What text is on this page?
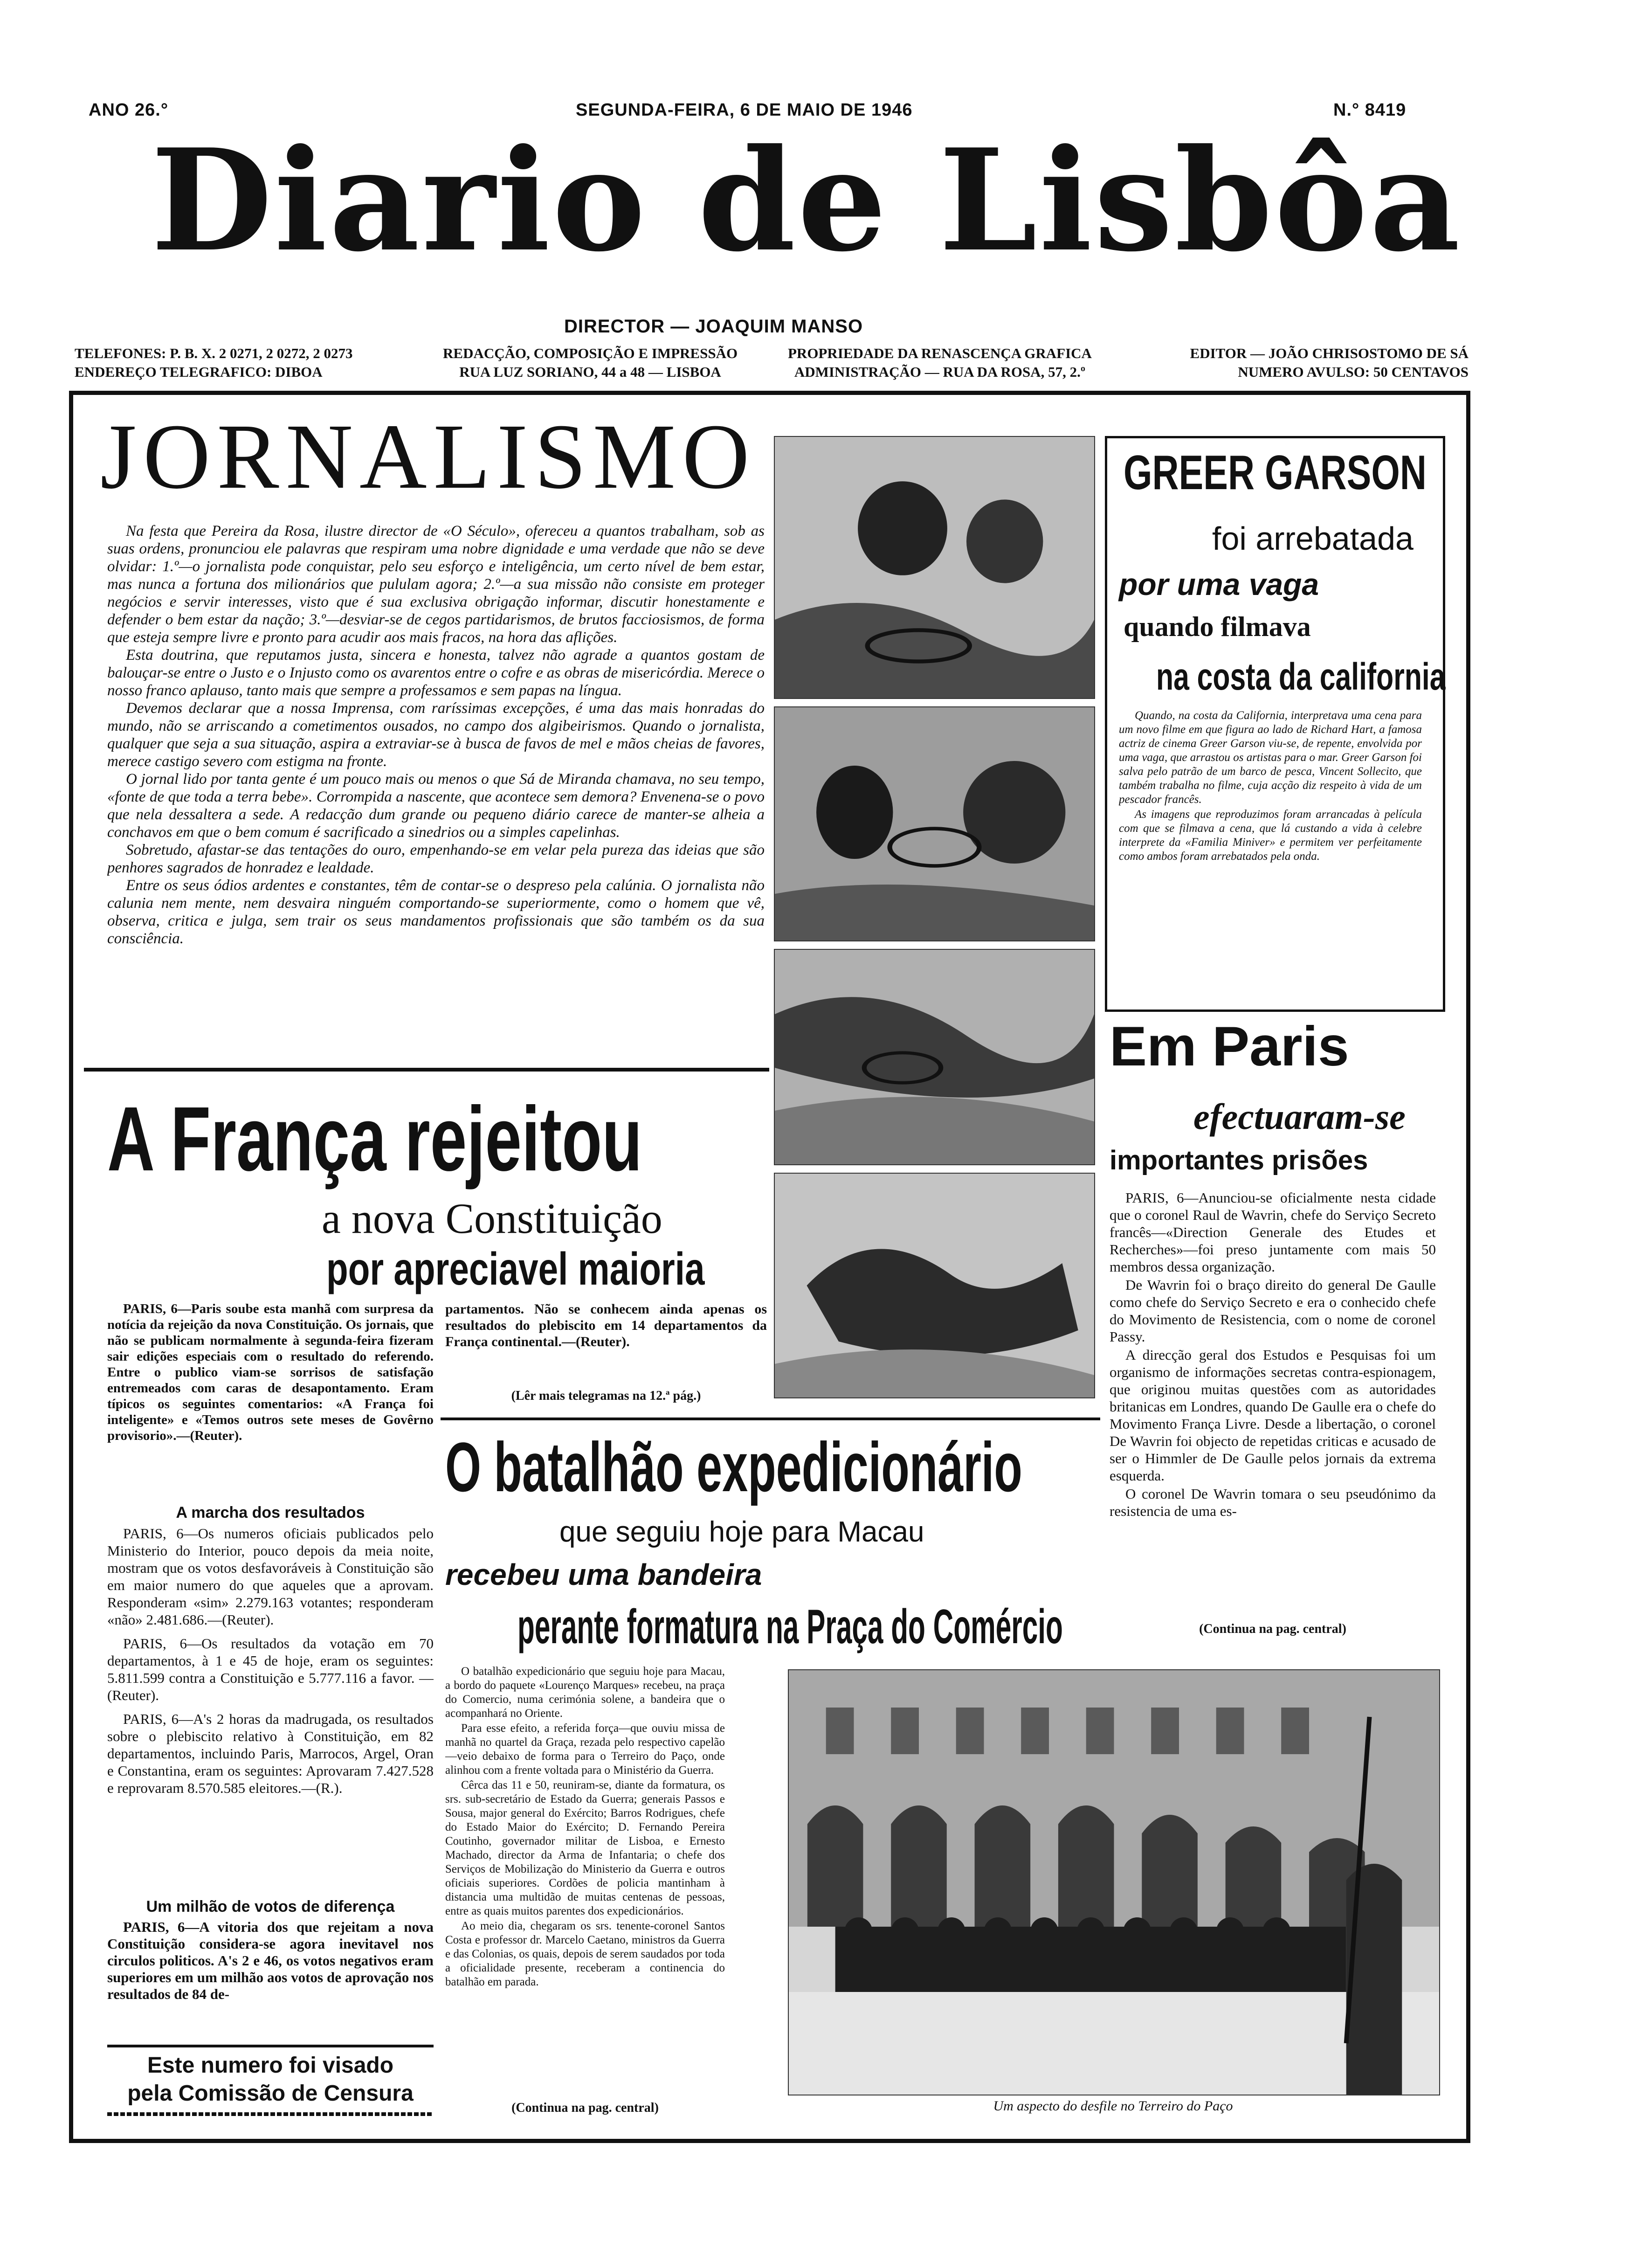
ANO 26.°	SEGUNDA-FEIRA, 6 DE MAIO DE 1946	N.° 8419
Diario de Lisbôa
DIRECTOR — JOAQUIM MANSO
TELEFONES: P. B. X. 2 0271, 2 0272, 2 0273
ENDEREÇO TELEGRAFICO: DIBOA
REDACÇÃO, COMPOSIÇÃO E IMPRESSÃO
RUA LUZ SORIANO, 44 a 48 — LISBOA
PROPRIEDADE DA RENASCENÇA GRAFICA
ADMINISTRAÇÃO — RUA DA ROSA, 57, 2.º
EDITOR — JOÃO CHRISOSTOMO DE SÁ
NUMERO AVULSO: 50 CENTAVOS
JORNALISMO

Na festa que Pereira da Rosa, ilustre director de «O Século», ofereceu a quantos trabalham, sob as suas ordens, pronunciou ele palavras que respiram uma nobre dignidade e uma verdade que não se deve olvidar: 1.º—o jornalista pode conquistar, pelo seu esforço e inteligência, um certo nível de bem estar, mas nunca a fortuna dos milionários que pululam agora; 2.º—a sua missão não consiste em proteger negócios e servir interesses, visto que é sua exclusiva obrigação informar, discutir honestamente e defender o bem estar da nação; 3.º—desviar-se de cegos partidarismos, de brutos facciosismos, de forma que esteja sempre livre e pronto para acudir aos mais fracos, na hora das aflições.

Esta doutrina, que reputamos justa, sincera e honesta, talvez não agrade a quantos gostam de balouçar-se entre o Justo e o Injusto como os avarentos entre o cofre e as obras de misericórdia. Merece o nosso franco aplauso, tanto mais que sempre a professamos e sem papas na língua.

Devemos declarar que a nossa Imprensa, com raríssimas excepções, é uma das mais honradas do mundo, não se arriscando a cometimentos ousados, no campo dos algibeirismos. Quando o jornalista, qualquer que seja a sua situação, aspira a extraviar-se à busca de favos de mel e mãos cheias de favores, merece castigo severo com estigma na fronte.

O jornal lido por tanta gente é um pouco mais ou menos o que Sá de Miranda chamava, no seu tempo, «fonte de que toda a terra bebe». Corrompida a nascente, que acontece sem demora? Envenena-se o povo que nela dessaltera a sede. A redacção dum grande ou pequeno diário carece de manter-se alheia a conchavos em que o bem comum é sacrificado a sinedrios ou a simples capelinhas.

Sobretudo, afastar-se das tentações do ouro, empenhando-se em velar pela pureza das ideias que são penhores sagrados de honradez e lealdade.

Entre os seus ódios ardentes e constantes, têm de contar-se o despreso pela calúnia. O jornalista não calunia nem mente, nem desvaira ninguém comportando-se superiormente, como o homem que vê, observa, critica e julga, sem trair os seus mandamentos profissionais que são também os da sua consciência.

GREER GARSON
foi arrebatada
por uma vaga
quando filmava
na costa da california

Quando, na costa da California, interpretava uma cena para um novo filme em que figura ao lado de Richard Hart, a famosa actriz de cinema Greer Garson viu-se, de repente, envolvida por uma vaga, que arrastou os artistas para o mar. Greer Garson foi salva pelo patrão de um barco de pesca, Vincent Sollecito, que também trabalha no filme, cuja acção diz respeito à vida de um pescador francês.

As imagens que reproduzimos foram arrancadas à película com que se filmava a cena, que lá custando a vida à celebre interprete da «Familia Miniver» e permitem ver perfeitamente como ambos foram arrebatados pela onda.

Em Paris
efectuaram-se
importantes prisões

PARIS, 6—Anunciou-se oficialmente nesta cidade que o coronel Raul de Wavrin, chefe do Serviço Secreto francês—«Direction Generale des Etudes et Recherches»—foi preso juntamente com mais 50 membros dessa organização.

De Wavrin foi o braço direito do general De Gaulle como chefe do Serviço Secreto e era o conhecido chefe do Movimento de Resistencia, com o nome de coronel Passy.

A direcção geral dos Estudos e Pesquisas foi um organismo de informações secretas contra-espionagem, que originou muitas questões com as autoridades britanicas em Londres, quando De Gaulle era o chefe do Movimento França Livre. Desde a libertação, o coronel De Wavrin foi objecto de repetidas criticas e acusado de ser o Himmler de De Gaulle pelos jornais da extrema esquerda.

O coronel De Wavrin tomara o seu pseudónimo da resistencia de uma es-

(Continua na pag. central)
A França rejeitou
a nova Constituição
por apreciavel maioria

PARIS, 6—Paris soube esta manhã com surpresa da notícia da rejeição da nova Constituição. Os jornais, que não se publicam normalmente à segunda-feira fizeram sair edições especiais com o resultado do referendo. Entre o publico viam-se sorrisos de satisfação entremeados com caras de desapontamento. Eram típicos os seguintes comentarios: «A França foi inteligente» e «Temos outros sete meses de Govêrno provisorio».—(Reuter).

partamentos. Não se conhecem ainda apenas os resultados do plebiscito em 14 departamentos da França continental.—(Reuter).

(Lêr mais telegramas na 12.ª pág.)
A marcha dos resultados

PARIS, 6—Os numeros oficiais publicados pelo Ministerio do Interior, pouco depois da meia noite, mostram que os votos desfavoráveis à Constituição são em maior numero do que aqueles que a aprovam. Responderam «sim» 2.279.163 votantes; responderam «não» 2.481.686.—(Reuter).

PARIS, 6—Os resultados da votação em 70 departamentos, à 1 e 45 de hoje, eram os seguintes: 5.811.599 contra a Constituição e 5.777.116 a favor. —(Reuter).

PARIS, 6—A's 2 horas da madrugada, os resultados sobre o plebiscito relativo à Constituição, em 82 departamentos, incluindo Paris, Marrocos, Argel, Oran e Constantina, eram os seguintes: Aprovaram 7.427.528 e reprovaram 8.570.585 eleitores.—(R.).

Um milhão de votos de diferença

PARIS, 6—A vitoria dos que rejeitam a nova Constituição considera-se agora inevitavel nos circulos politicos. A's 2 e 46, os votos negativos eram superiores em um milhão aos votos de aprovação nos resultados de 84 de-

Este numero foi visado
pela Comissão de Censura
O batalhão expedicionário
que seguiu hoje para Macau
recebeu uma bandeira
perante formatura na Praça do Comércio

O batalhão expedicionário que seguiu hoje para Macau, a bordo do paquete «Lourenço Marques» recebeu, na praça do Comercio, numa cerimónia solene, a bandeira que o acompanhará no Oriente.

Para esse efeito, a referida força—que ouviu missa de manhã no quartel da Graça, rezada pelo respectivo capelão—veio debaixo de forma para o Terreiro do Paço, onde alinhou com a frente voltada para o Ministério da Guerra.

Cêrca das 11 e 50, reuniram-se, diante da formatura, os srs. sub-secretário de Estado da Guerra; generais Passos e Sousa, major general do Exército; Barros Rodrigues, chefe do Estado Maior do Exército; D. Fernando Pereira Coutinho, governador militar de Lisboa, e Ernesto Machado, director da Arma de Infantaria; o chefe dos Serviços de Mobilização do Ministerio da Guerra e outros oficiais superiores. Cordões de policia mantinham à distancia uma multidão de muitas centenas de pessoas, entre as quais muitos parentes dos expedicionários.

Ao meio dia, chegaram os srs. tenente-coronel Santos Costa e professor dr. Marcelo Caetano, ministros da Guerra e das Colonias, os quais, depois de serem saudados por toda a oficialidade presente, receberam a continencia do batalhão em parada.

(Continua na pag. central)	Um aspecto do desfile no Terreiro do Paço
